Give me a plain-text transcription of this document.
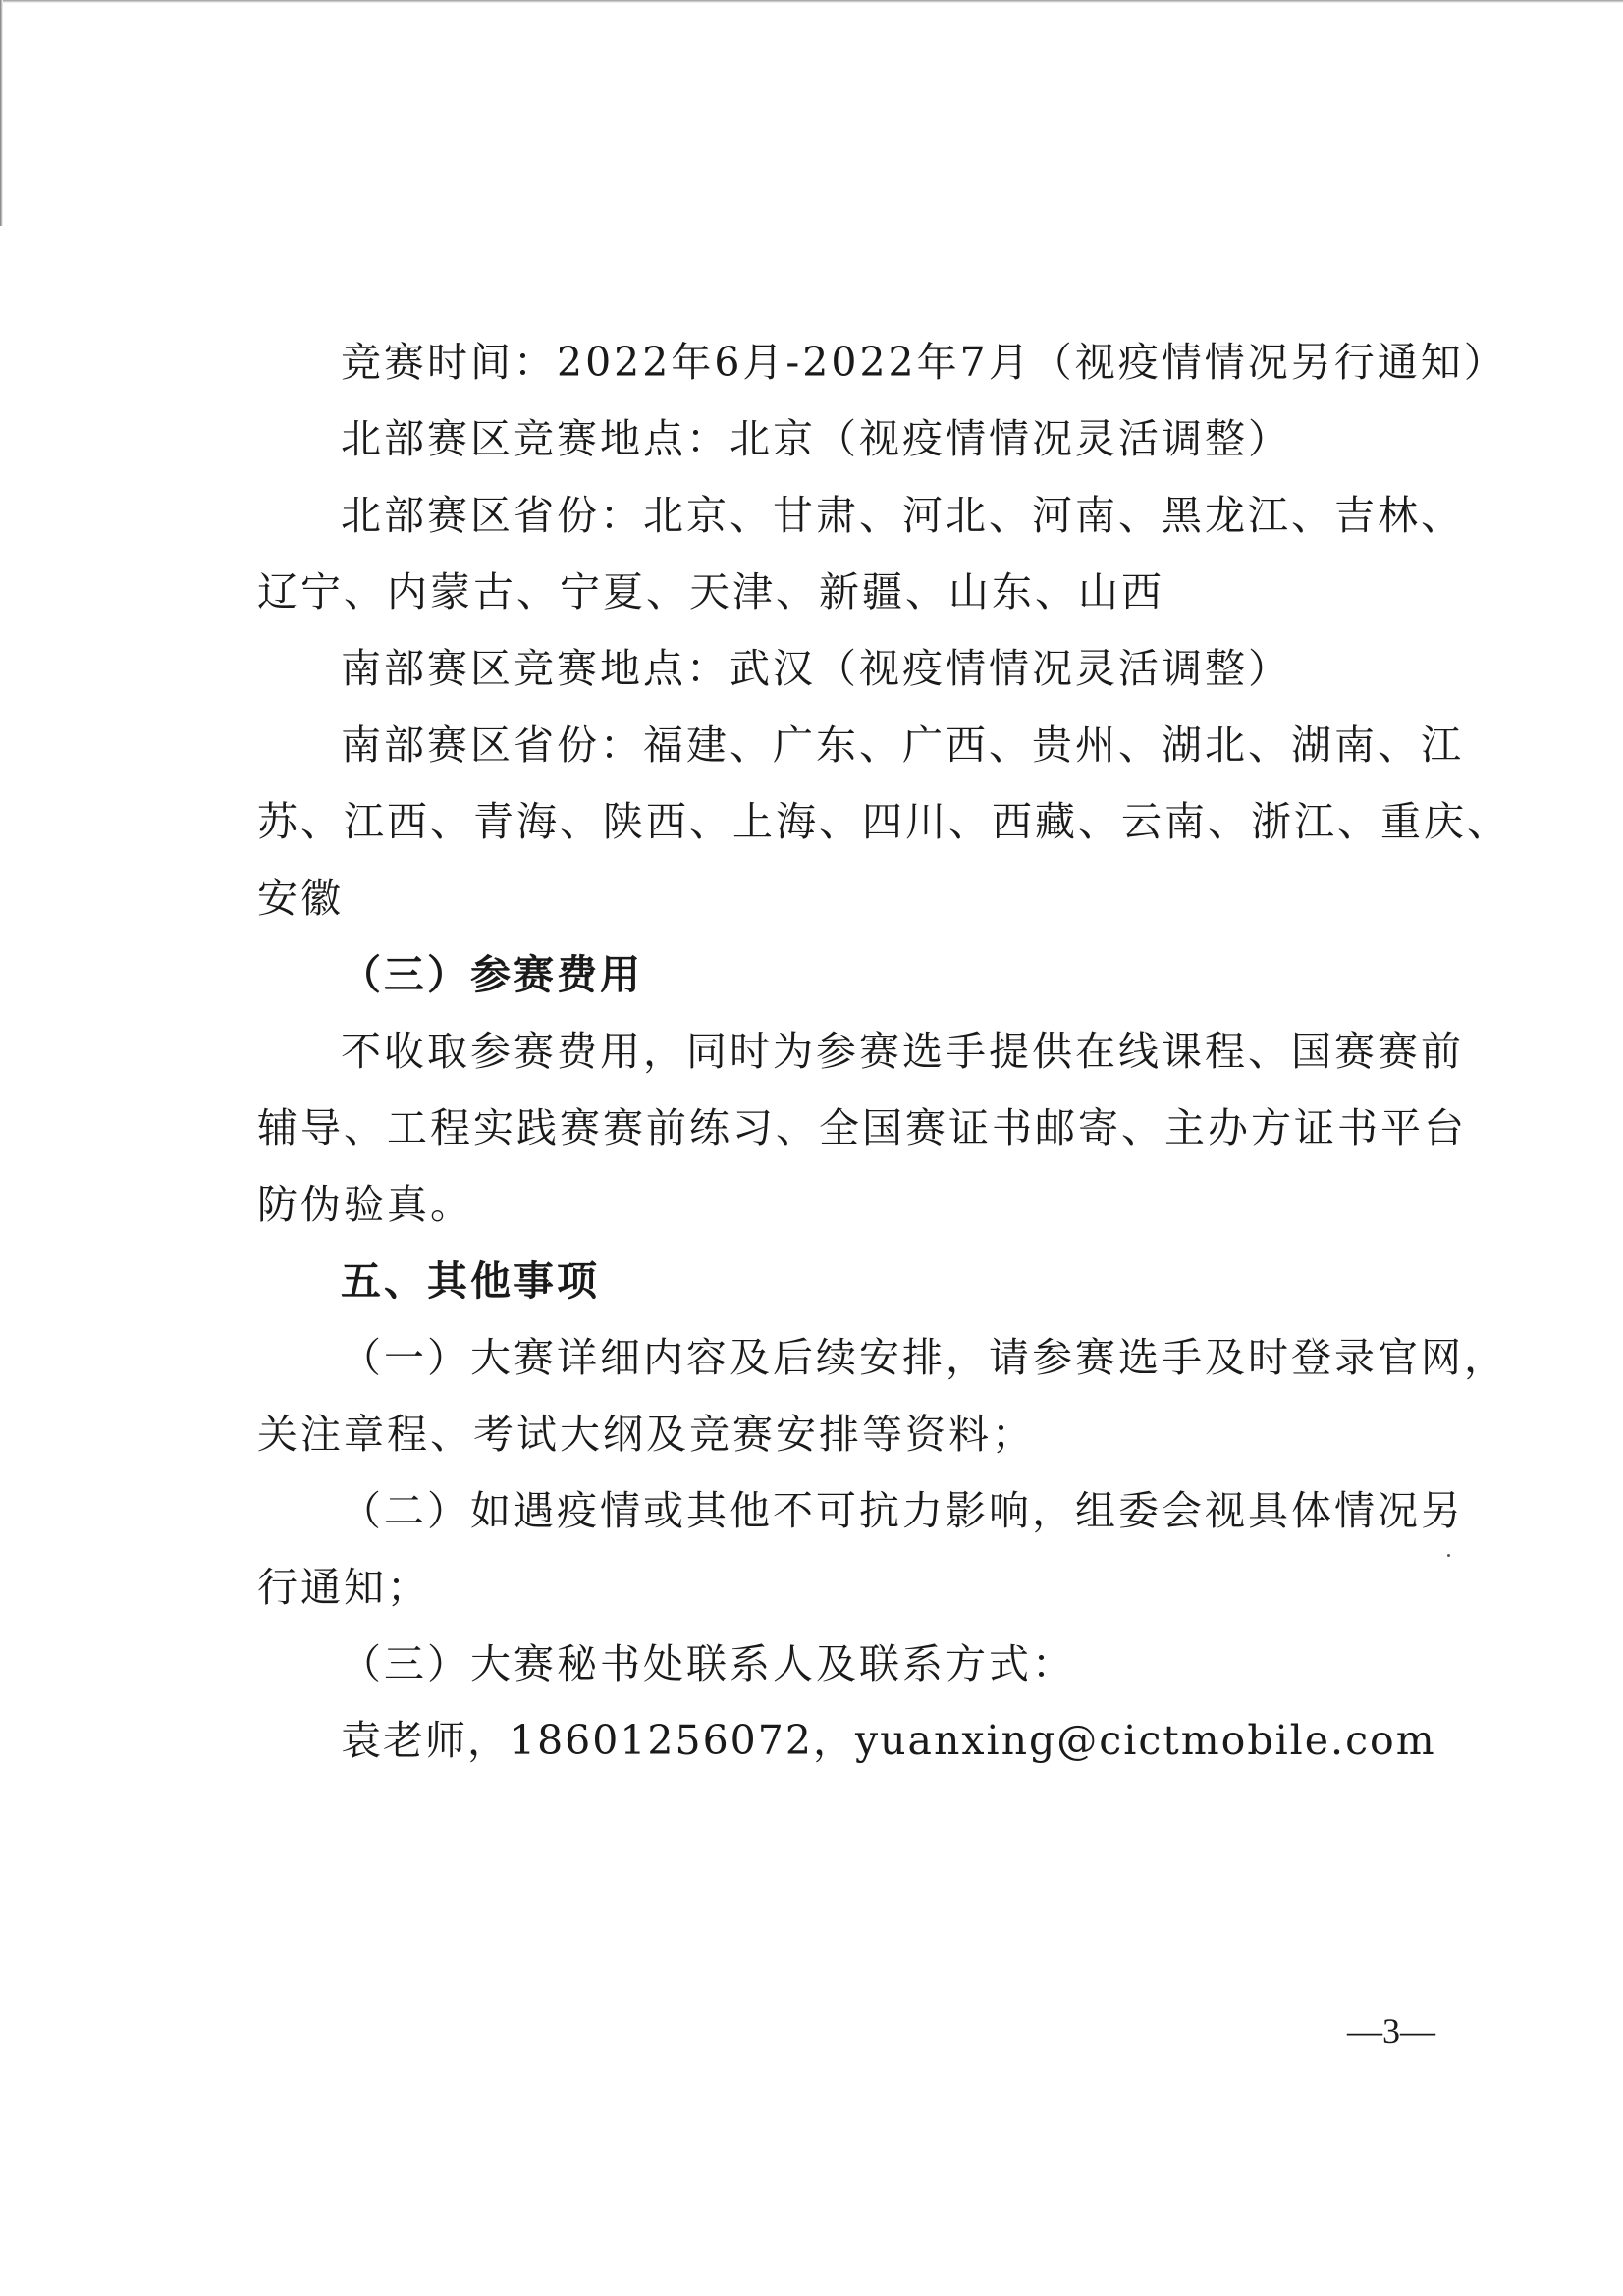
竞赛时间：2022年6月-2022年7月（视疫情情况另行通知）
北部赛区竞赛地点：北京（视疫情情况灵活调整）
北部赛区省份：北京、甘肃、河北、河南、黑龙江、吉林、
辽宁、内蒙古、宁夏、天津、新疆、山东、山西
南部赛区竞赛地点：武汉（视疫情情况灵活调整）
南部赛区省份：福建、广东、广西、贵州、湖北、湖南、江
苏、江西、青海、陕西、上海、四川、西藏、云南、浙江、重庆、
安徽
（三）参赛费用
不收取参赛费用，同时为参赛选手提供在线课程、国赛赛前
辅导、工程实践赛赛前练习、全国赛证书邮寄、主办方证书平台
防伪验真。
五、其他事项
（一）大赛详细内容及后续安排，请参赛选手及时登录官网，
关注章程、考试大纲及竞赛安排等资料；
（二）如遇疫情或其他不可抗力影响，组委会视具体情况另
行通知；
（三）大赛秘书处联系人及联系方式：
袁老师，18601256072，yuanxing@cictmobile.com
—3—
